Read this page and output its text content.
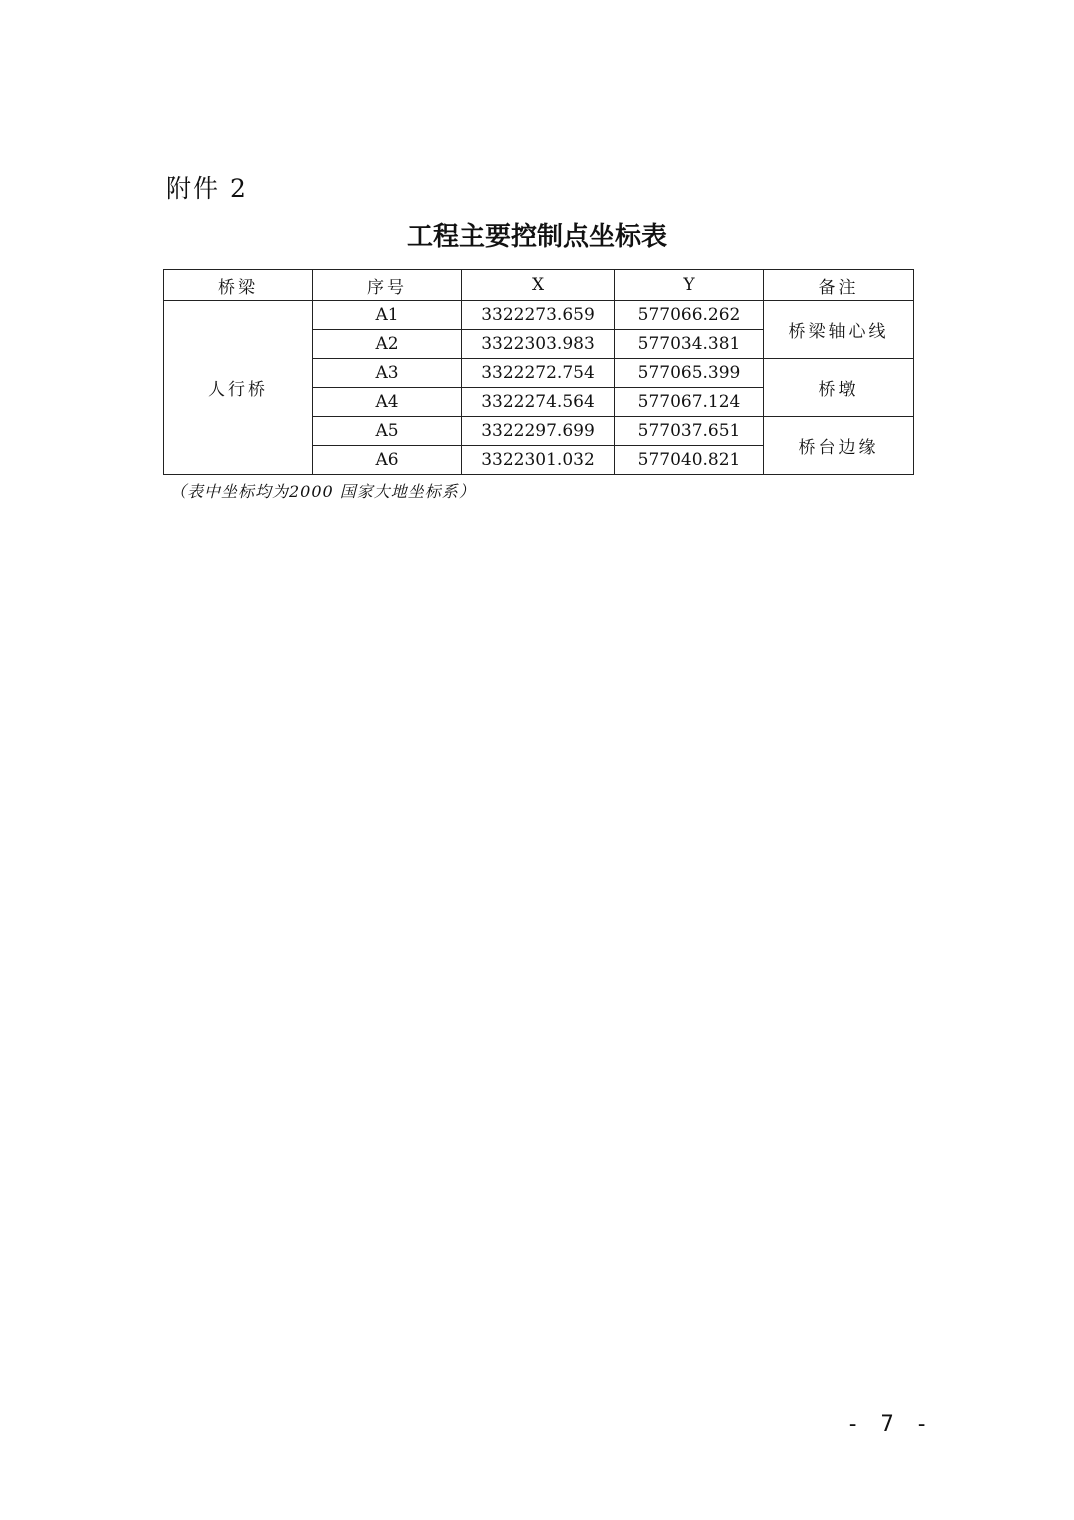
附件 2
工程主要控制点坐标表
桥梁	序号	X	Y	备注
人行桥	A1	3322273.659	577066.262	桥梁轴心线
	A2	3322303.983	577034.381	
	A3	3322272.754	577065.399	桥墩
	A4	3322274.564	577067.124	
	A5	3322297.699	577037.651	桥台边缘
	A6	3322301.032	577040.821	
（表中坐标均为2000 国家大地坐标系）
- 7 -
